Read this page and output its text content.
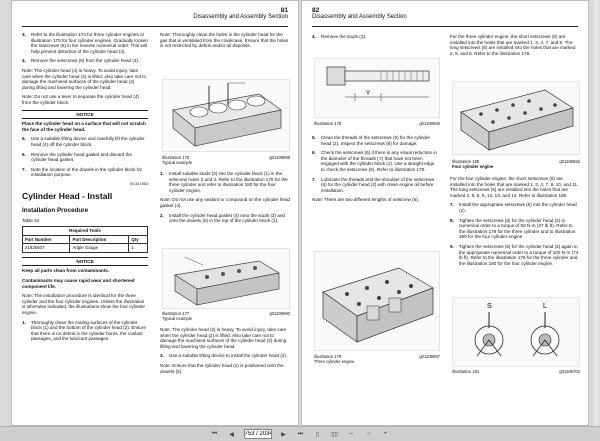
81
Disassembly and Assembly Section

3. Refer to the illustration 174 for three cylinder engines or illustration 175 for four cylinder engines. Gradually loosen the setscrews (5) in the reverse numerical order. This will help prevent distortion of the cylinder head (4).

4. Remove the setscrews (5) from the cylinder head (4).

Note: The cylinder head (4) is heavy. To avoid injury, take care when the cylinder head (4) is lifted. Also take care not to damage the machined surfaces of the cylinder head (4) during lifting and lowering the cylinder head.

Note: Do not use a lever to separate the cylinder head (4) from the cylinder block.

NOTICE

Place the cylinder head on a surface that will not scratch the face of the cylinder head.

5. Use a suitable lifting device and carefully lift the cylinder head (4) off the cylinder block.

6. Remove the cylinder head gasket and discard the cylinder head gasket.

7. Note the location of the dowels in the cylinder block for installation purpose.

i01447863

Cylinder Head - Install
Installation Procedure

Table 24

Required Tools		
Part Number	Part Description	Qty
21825607	Angle Gauge	1
NOTICE

Keep all parts clean from contaminants.

Contaminants may cause rapid wear and shortened component life.

Note: The installation procedure is identical for the three cylinder and the four cylinder engines. Unless the illustration is otherwise indicated, the illustrations show the four cylinder engine.

1. Thoroughly clean the mating surfaces of the cylinder block (1) and the bottom of the cylinder head (2). Ensure that there is no debris in the cylinder bores, the coolant passages, and the lubricant passages.

Note: Thoroughly clean the holes in the cylinder head for the gas that is ventilated from the crankcase. Ensure that the holes is not restricted by debris and/or oil deposits.

Illustration 176	g01109699

Typical example

1. Install suitable studs (3) into the cylinder block (1) in the setscrew holes 2 and 3. Refer to the illustration 179 for the three cylinder and refer to illustration 180 for the four cylinder engine.

Note: Do not use any sealant or compound on the cylinder head gasket (4).

2. Install the cylinder head gasket (4) onto the studs (3) and onto the dowels (5) in the top of the cylinder block (1).

Illustration 177	g01109690

Typical example

Note: The cylinder head (2) is heavy. To avoid injury, take care when the cylinder head (2) is lifted. Also take care not to damage the machined surfaces of the cylinder head (2) during lifting and lowering the cylinder head.

3. Use a suitable lifting device to install the cylinder head (2).

Note: Ensure that the cylinder head (2) is positioned onto the dowels (5).

82
Disassembly and Assembly Section

4. Remove the studs (3).

Y
Illustration 178	g01109693

5. Clean the threads of the setscrews (6) for the cylinder head (2). Inspect the setscrews (6) for damage.

6. Check the setscrews (6) if there is any visual reduction in the diameter of the threads (Y) that have not been engaged with the cylinder block (1). Use a straight edge to check the setscrews (6). Refer to illustration 178.

7. Lubricate the threads and the shoulder of the setscrews (6) for the cylinder head (2) with clean engine oil before installation.

Note: There are two different lengths of setscrew (6).

Illustration 179	g01109697

Three cylinder engine

For the three cylinder engine, the short setscrews (6) are installed into the holes that are marked 1, 3, 4, 7, and 8. The long setscrews (6) are installed into the holes that are marked 2, 5, and 6. Refer to the illustration 179.

Illustration 180	g01106692

Four cylinder engine

For the four cylinder engine, the short setscrews (6) are installed into the holes that are marked 1, 3, 4, 7, 8, 10, and 11. The long setscrews (6) are installed into the holes that are marked 2, 5, 6, 9, 12, 13, and 14. Refer to illustration 180.

7. Install the appropriate setscrews (6) into the cylinder head (2).

8. Tighten the setscrews (6) for the cylinder head (2) in numerical order to a torque of 50 N·m (37 lb ft). Refer to the illustration 179 for the three cylinder and to illustration 180 for the four cylinder engine.

9. Tighten the setscrews (6) for the cylinder head (2) again in the appropriate numerical order to a torque of 100 N·m (74 lb ft). Refer to the illustration 179 for the three cylinder and the illustration 180 for the four cylinder engine.

S	L
Illustration 181	g01106702
⏮	◀
753 / 2034	▶	⏭	▯	▯▯	⇔	−	+
